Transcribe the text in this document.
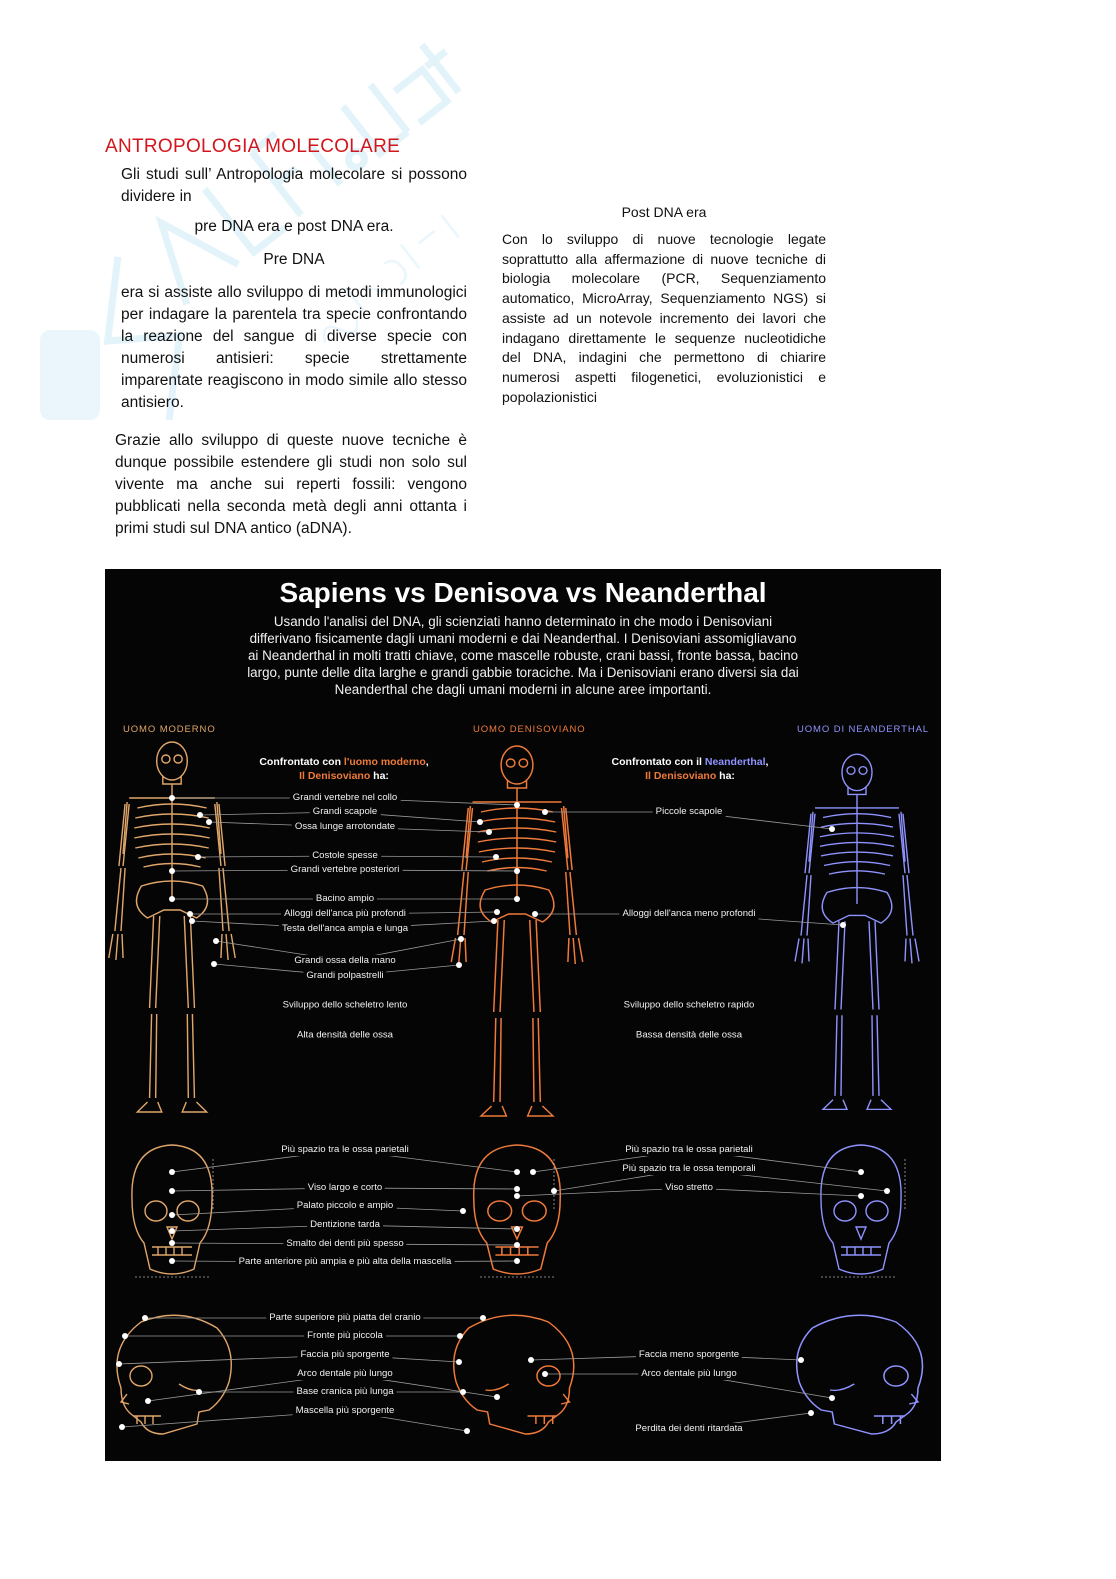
ANTROPOLOGIA MOLECOLARE
Gli studi sull’ Antropologia molecolare si possono dividere in
pre DNA era e post DNA era.
Pre DNA
era si assiste allo sviluppo di metodi immunologici per indagare la parentela tra specie confrontando la reazione del sangue di diverse specie con numerosi antisieri: specie strettamente imparentate reagiscono in modo simile allo stesso antisiero.
Grazie allo sviluppo di queste nuove tecniche è dunque possibile estendere gli studi non solo sul vivente ma anche sui reperti fossili: vengono pubblicati nella seconda metà degli anni ottanta i primi studi sul DNA antico (aDNA).
Post DNA era
Con lo sviluppo di nuove tecnologie legate soprattutto alla affermazione di nuove tecniche di biologia molecolare (PCR, Sequenziamento automatico, MicroArray, Sequenziamento NGS) si assiste ad un notevole incremento dei lavori che indagano direttamente le sequenze nucleotidiche del DNA, indagini che permettono di chiarire numerosi aspetti filogenetici, evoluzionistici e popolazionistici
Sapiens vs Denisova vs Neanderthal
Usando l'analisi del DNA, gli scienziati hanno determinato in che modo i Denisoviani differivano fisicamente dagli umani moderni e dai Neanderthal. I Denisoviani assomigliavano ai Neanderthal in molti tratti chiave, come mascelle robuste, crani bassi, fronte bassa, bacino largo, punte delle dita larghe e grandi gabbie toraciche. Ma i Denisoviani erano diversi sia dai Neanderthal che dagli umani moderni in alcune aree importanti.
UOMO MODERNO	UOMO DENISOVIANO	UOMO DI NEANDERTHAL
Confrontato con l'uomo moderno,
Il Denisoviano ha:
Confrontato con il Neanderthal,
Il Denisoviano ha:
Grandi vertebre nel collo
Grandi scapole
Ossa lunge arrotondate
Costole spesse
Grandi vertebre posteriori
Bacino ampio
Alloggi dell'anca più profondi
Testa dell'anca ampia e lunga
Grandi ossa della mano
Grandi polpastrelli
Sviluppo dello scheletro lento
Alta densità delle ossa
Piccole scapole
Alloggi dell'anca meno profondi
Sviluppo dello scheletro rapido
Bassa densità delle ossa
Più spazio tra le ossa parietali
Viso largo e corto
Palato piccolo e ampio
Dentizione tarda
Smalto dei denti più spesso
Parte anteriore più ampia e più alta della mascella
Più spazio tra le ossa parietali
Più spazio tra le ossa temporali
Viso stretto
Parte superiore più piatta del cranio
Fronte più piccola
Faccia più sporgente
Arco dentale più lungo
Base cranica più lunga
Mascella più sporgente
Faccia meno sporgente
Arco dentale più lungo
Perdita dei denti ritardata
